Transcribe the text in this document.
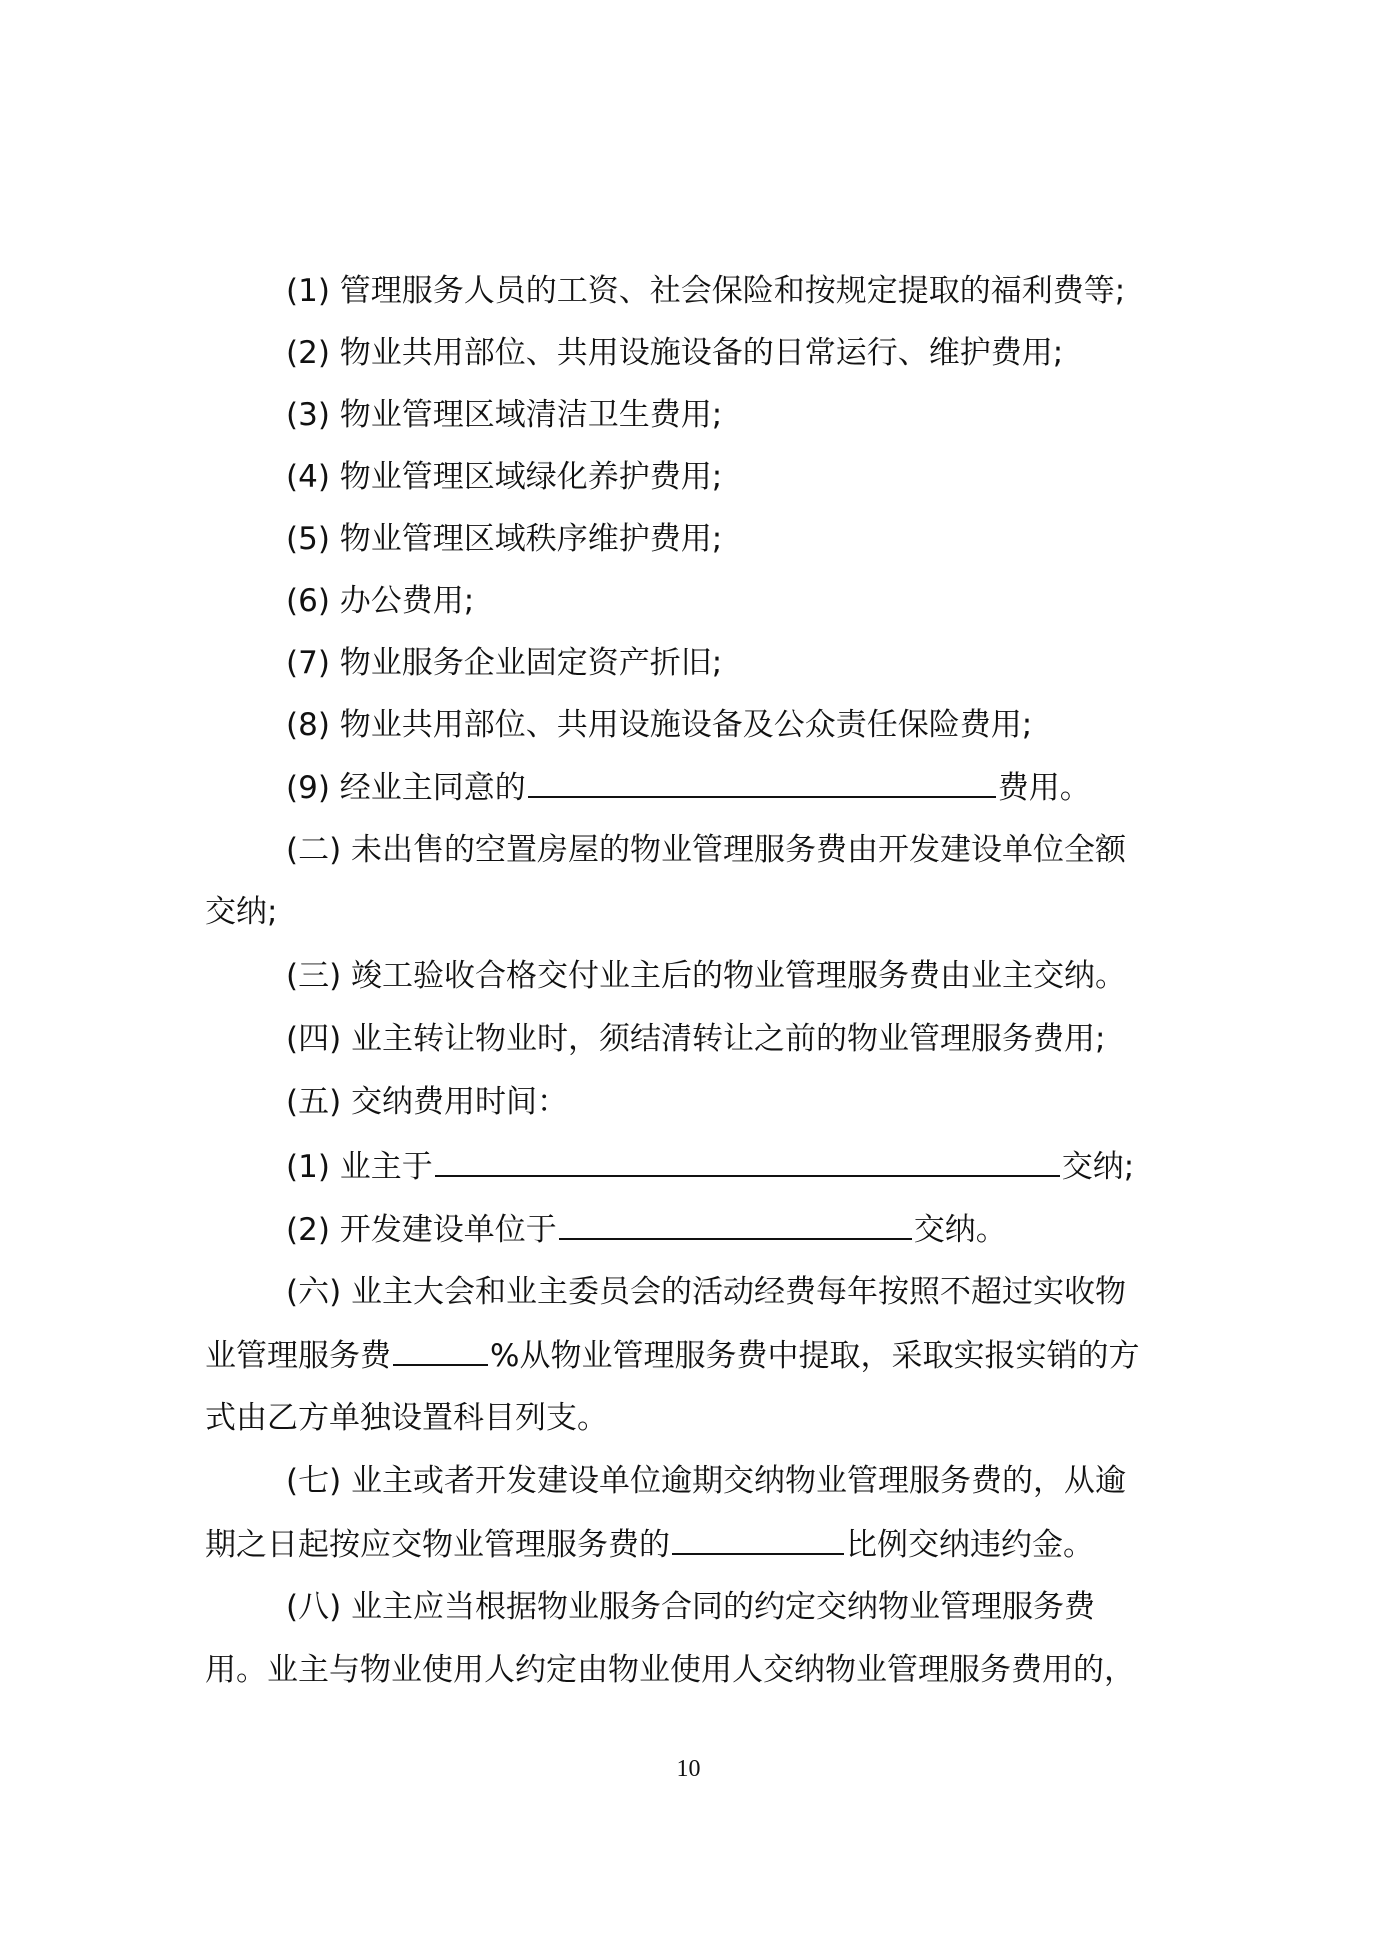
(1) 管理服务人员的工资、社会保险和按规定提取的福利费等;
(2) 物业共用部位、共用设施设备的日常运行、维护费用;
(3) 物业管理区域清洁卫生费用;
(4) 物业管理区域绿化养护费用;
(5) 物业管理区域秩序维护费用;
(6) 办公费用;
(7) 物业服务企业固定资产折旧;
(8) 物业共用部位、共用设施设备及公众责任保险费用;
(9) 经业主同意的	费用。
(二) 未出售的空置房屋的物业管理服务费由开发建设单位全额
交纳;
(三) 竣工验收合格交付业主后的物业管理服务费由业主交纳。
(四) 业主转让物业时，须结清转让之前的物业管理服务费用;
(五) 交纳费用时间：
(1) 业主于	交纳;
(2) 开发建设单位于	交纳。
(六) 业主大会和业主委员会的活动经费每年按照不超过实收物
业管理服务费	%从物业管理服务费中提取，采取实报实销的方
式由乙方单独设置科目列支。
(七) 业主或者开发建设单位逾期交纳物业管理服务费的，从逾
期之日起按应交物业管理服务费的	比例交纳违约金。
(八) 业主应当根据物业服务合同的约定交纳物业管理服务费
用。业主与物业使用人约定由物业使用人交纳物业管理服务费用的，
10
